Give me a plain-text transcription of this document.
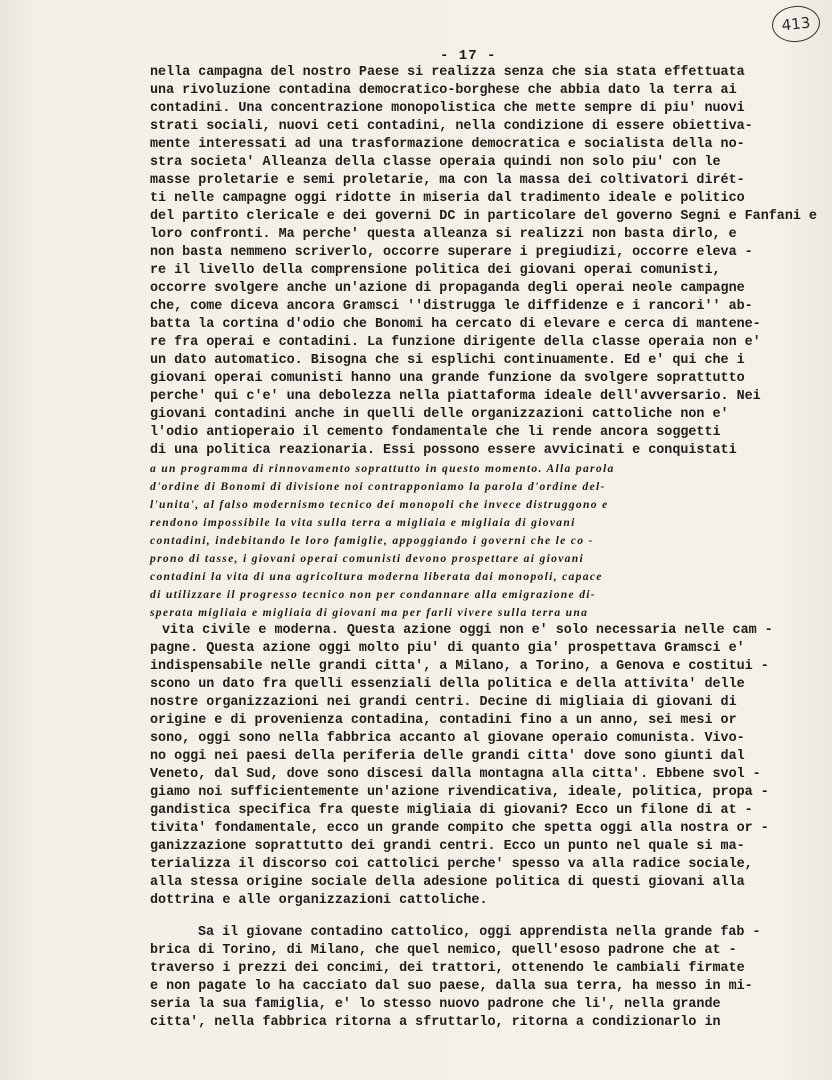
413
- 17 -
nella campagna del nostro Paese si realizza senza che sia stata effettuata
una rivoluzione contadina democratico-borghese che abbia dato la terra ai
contadini. Una concentrazione monopolistica che mette sempre di piu' nuovi
strati sociali, nuovi ceti contadini, nella condizione di essere obiettiva-
mente interessati ad una trasformazione democratica e socialista della no-
stra societa' Alleanza della classe operaia quindi non solo piu' con le
masse proletarie e semi proletarie, ma con la massa dei coltivatori dirét-
ti nelle campagne oggi ridotte in miseria dal tradimento ideale e politico
del partito clericale e dei governi DC in particolare del governo Segni e Fanfani e
loro confronti. Ma perche' questa alleanza si realizzi non basta dirlo, e
non basta nemmeno scriverlo, occorre superare i pregiudizi, occorre eleva -
re il livello della comprensione politica dei giovani operai comunisti,
occorre svolgere anche un'azione di propaganda degli operai neole campagne
che, come diceva ancora Gramsci ''distrugga le diffidenze e i rancori'' ab-
batta la cortina d'odio che Bonomi ha cercato di elevare e cerca di mantene-
re fra operai e contadini. La funzione dirigente della classe operaia non e'
un dato automatico. Bisogna che si esplichi continuamente. Ed e' qui che i
giovani operai comunisti hanno una grande funzione da svolgere soprattutto
perche' qui c'e' una debolezza nella piattaforma ideale dell'avversario. Nei
giovani contadini anche in quelli delle organizzazioni cattoliche non e'
l'odio antioperaio il cemento fondamentale che li rende ancora soggetti
di una politica reazionaria. Essi possono essere avvicinati e conquistati
a un programma di rinnovamento soprattutto in questo momento. Alla parola
d'ordine di Bonomi di divisione noi contrapponiamo la parola d'ordine del-
l'unita', al falso modernismo tecnico dei monopoli che invece distruggono e
rendono impossibile la vita sulla terra a migliaia e migliaia di giovani
contadini, indebitando le loro famiglie, appoggiando i governi che le co -
prono di tasse, i giovani operai comunisti devono prospettare ai giovani
contadini la vita di una agricoltura moderna liberata dai monopoli, capace
di utilizzare il progresso tecnico non per condannare alla emigrazione di-
sperata migliaia e migliaia di giovani ma per farli vivere sulla terra una
vita civile e moderna. Questa azione oggi non e' solo necessaria nelle cam -
pagne. Questa azione oggi molto piu' di quanto gia' prospettava Gramsci e'
indispensabile nelle grandi citta', a Milano, a Torino, a Genova e costitui -
scono un dato fra quelli essenziali della politica e della attivita' delle
nostre organizzazioni nei grandi centri. Decine di migliaia di giovani di
origine e di provenienza contadina, contadini fino a un anno, sei mesi or
sono, oggi sono nella fabbrica accanto al giovane operaio comunista. Vivo-
no oggi nei paesi della periferia delle grandi citta' dove sono giunti dal
Veneto, dal Sud, dove sono discesi dalla montagna alla citta'. Ebbene svol -
giamo noi sufficientemente un'azione rivendicativa, ideale, politica, propa -
gandistica specifica fra queste migliaia di giovani? Ecco un filone di at -
tivita' fondamentale, ecco un grande compito che spetta oggi alla nostra or -
ganizzazione soprattutto dei grandi centri. Ecco un punto nel quale si ma-
terializza il discorso coi cattolici perche' spesso va alla radice sociale,
alla stessa origine sociale della adesione politica di questi giovani alla
dottrina e alle organizzazioni cattoliche.
Sa il giovane contadino cattolico, oggi apprendista nella grande fab -
brica di Torino, di Milano, che quel nemico, quell'esoso padrone che at -
traverso i prezzi dei concimi, dei trattori, ottenendo le cambiali firmate
e non pagate lo ha cacciato dal suo paese, dalla sua terra, ha messo in mi-
seria la sua famiglia, e' lo stesso nuovo padrone che li', nella grande
citta', nella fabbrica ritorna a sfruttarlo, ritorna a condizionarlo in
